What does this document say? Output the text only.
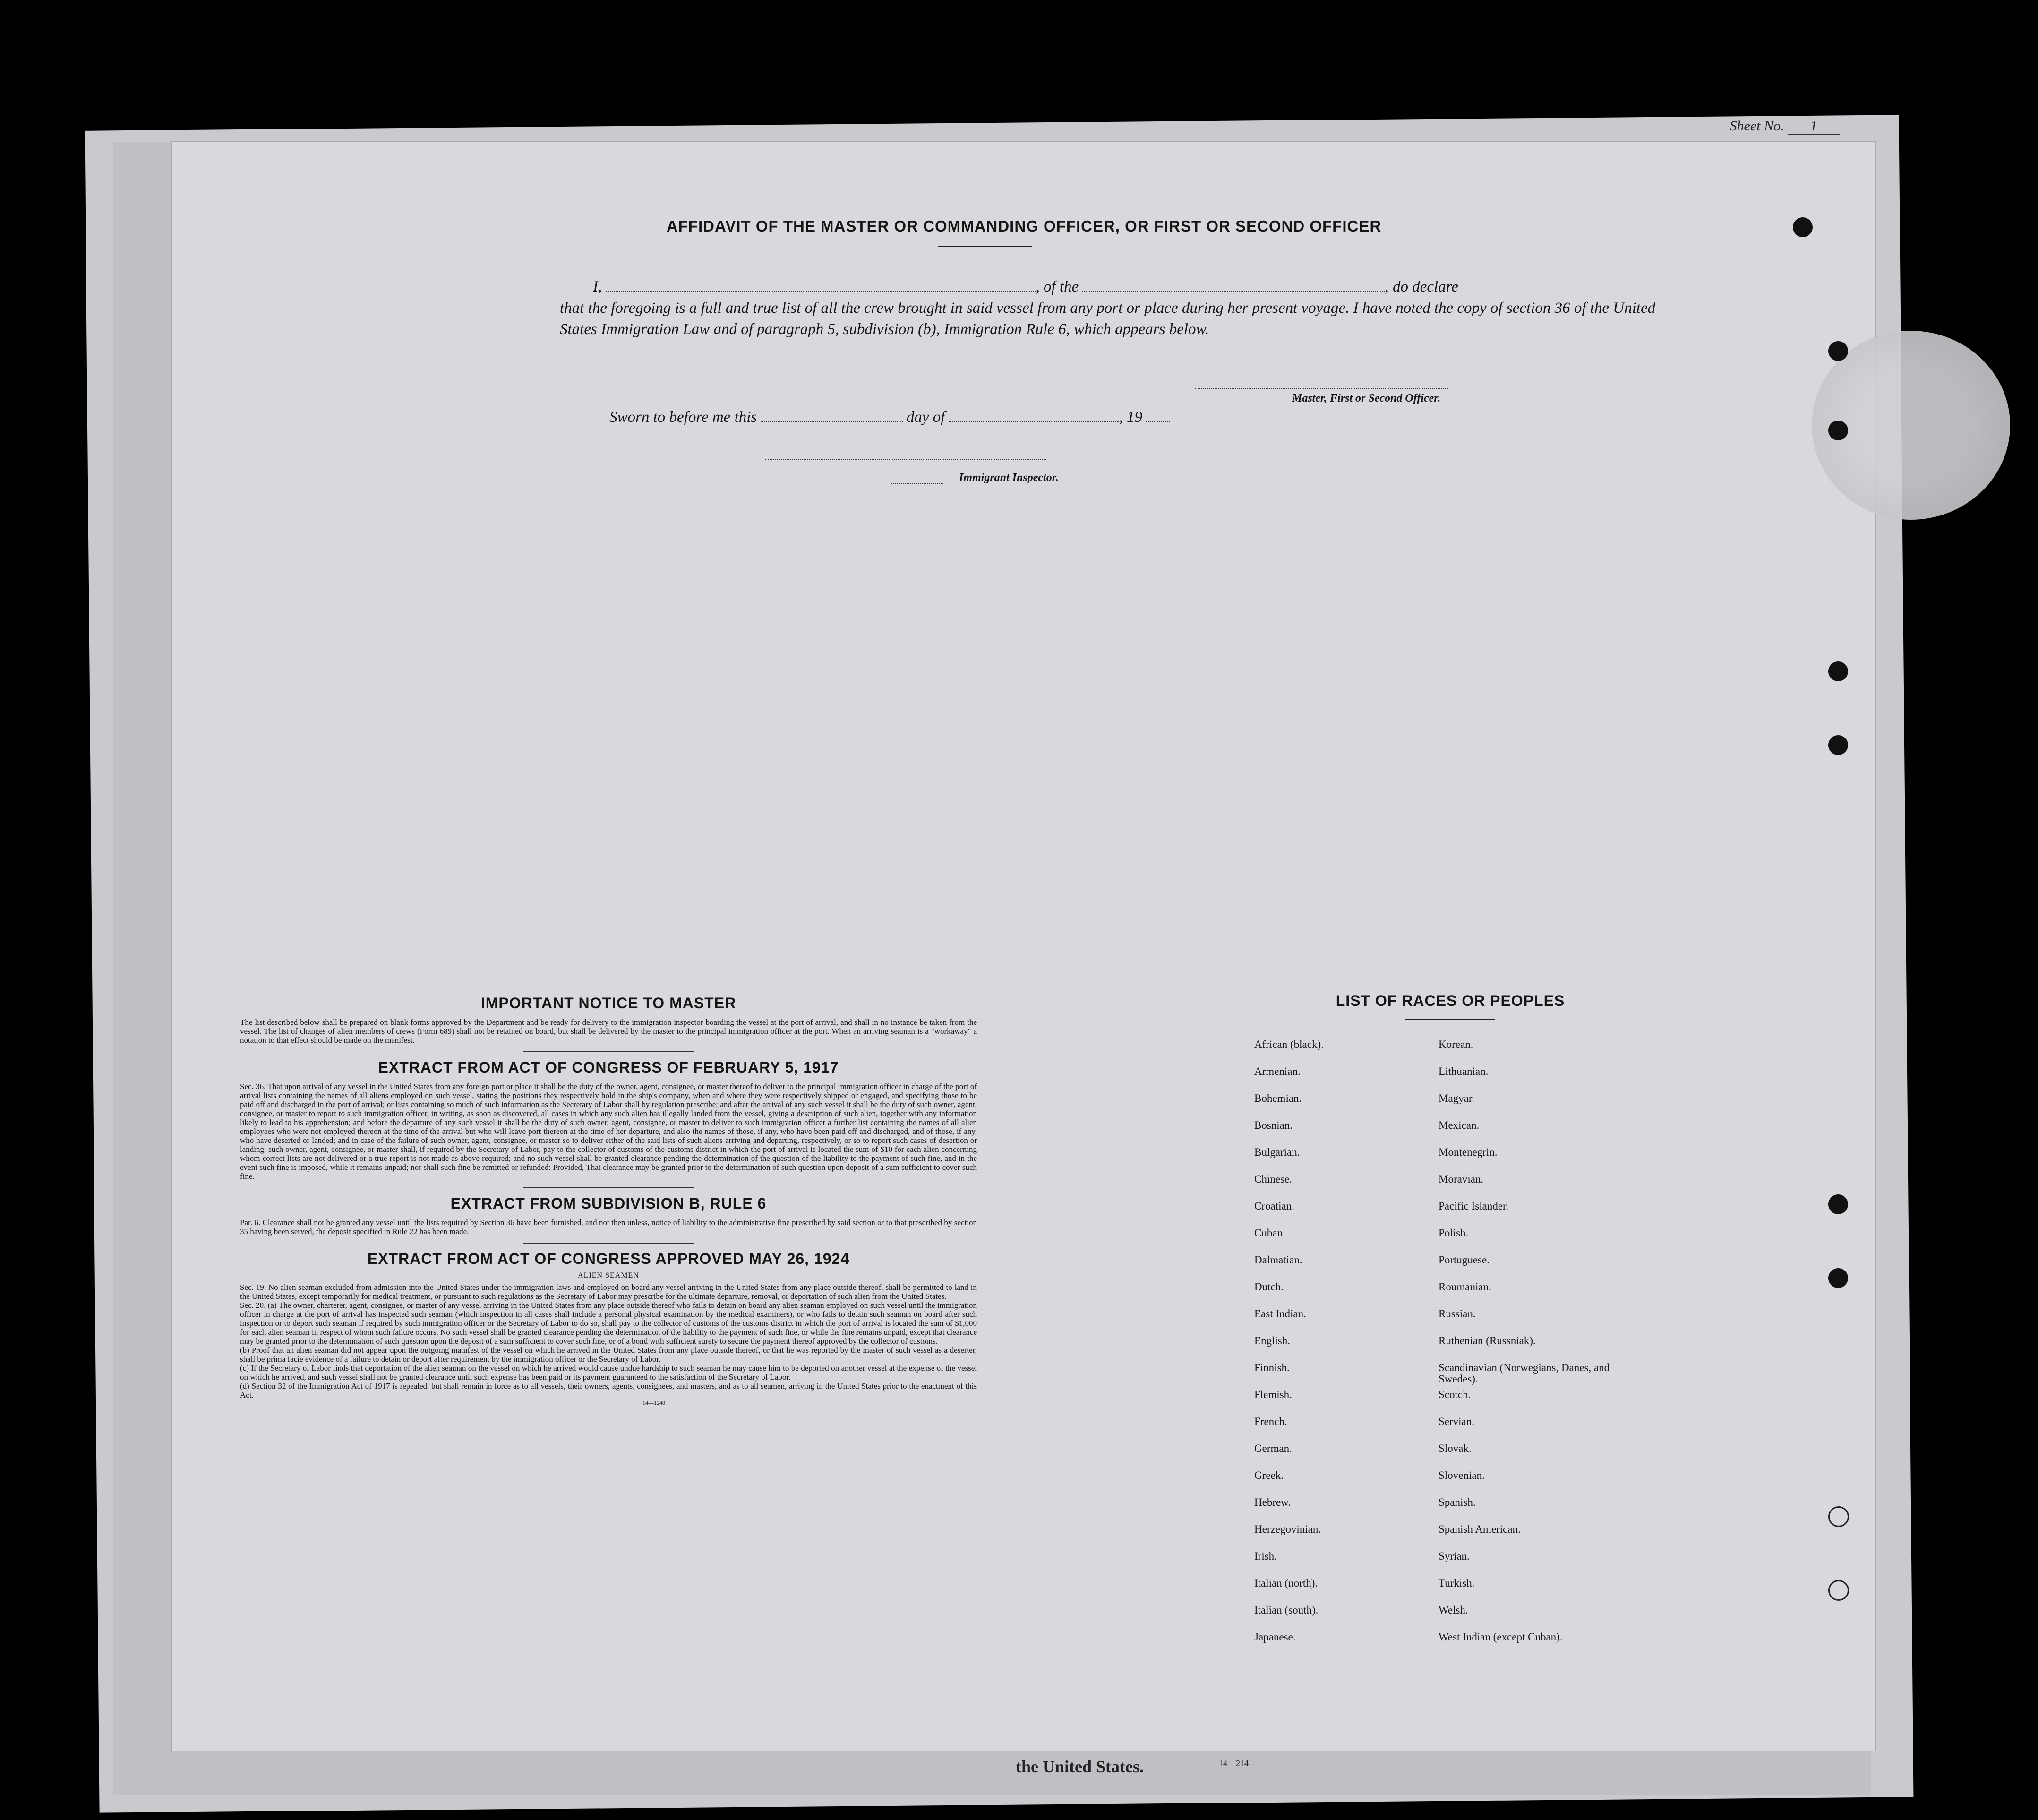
Sheet No. 1
the United States.	14—214
AFFIDAVIT OF THE MASTER OR COMMANDING OFFICER, OR FIRST OR SECOND OFFICER
I,	, of the	, do declare
that the foregoing is a full and true list of all the crew brought in said vessel from any port or place during her present voyage. I have noted the copy of section 36 of the United States Immigration Law and of paragraph 5, subdivision (b), Immigration Rule 6, which appears below.
Master, First or Second Officer.
Sworn to before me this	day of	, 19
Immigrant Inspector.
IMPORTANT NOTICE TO MASTER
The list described below shall be prepared on blank forms approved by the Department and be ready for delivery to the immigration inspector boarding the vessel at the port of arrival, and shall in no instance be taken from the vessel. The list of changes of alien members of crews (Form 689) shall not be retained on board, but shall be delivered by the master to the principal immigration officer at the port. When an arriving seaman is a "workaway" a notation to that effect should be made on the manifest.
EXTRACT FROM ACT OF CONGRESS OF FEBRUARY 5, 1917
Sec. 36. That upon arrival of any vessel in the United States from any foreign port or place it shall be the duty of the owner, agent, consignee, or master thereof to deliver to the principal immigration officer in charge of the port of arrival lists containing the names of all aliens employed on such vessel, stating the positions they respectively hold in the ship's company, when and where they were respectively shipped or engaged, and specifying those to be paid off and discharged in the port of arrival; or lists containing so much of such information as the Secretary of Labor shall by regulation prescribe; and after the arrival of any such vessel it shall be the duty of such owner, agent, consignee, or master to report to such immigration officer, in writing, as soon as discovered, all cases in which any such alien has illegally landed from the vessel, giving a description of such alien, together with any information likely to lead to his apprehension; and before the departure of any such vessel it shall be the duty of such owner, agent, consignee, or master to deliver to such immigration officer a further list containing the names of all alien employees who were not employed thereon at the time of the arrival but who will leave port thereon at the time of her departure, and also the names of those, if any, who have been paid off and discharged, and of those, if any, who have deserted or landed; and in case of the failure of such owner, agent, consignee, or master so to deliver either of the said lists of such aliens arriving and departing, respectively, or so to report such cases of desertion or landing, such owner, agent, consignee, or master shall, if required by the Secretary of Labor, pay to the collector of customs of the customs district in which the port of arrival is located the sum of $10 for each alien concerning whom correct lists are not delivered or a true report is not made as above required; and no such vessel shall be granted clearance pending the determination of the question of the liability to the payment of such fine, and in the event such fine is imposed, while it remains unpaid; nor shall such fine be remitted or refunded: Provided, That clearance may be granted prior to the determination of such question upon deposit of a sum sufficient to cover such fine.
EXTRACT FROM SUBDIVISION B, RULE 6
Par. 6. Clearance shall not be granted any vessel until the lists required by Section 36 have been furnished, and not then unless, notice of liability to the administrative fine prescribed by said section or to that prescribed by section 35 having been served, the deposit specified in Rule 22 has been made.
EXTRACT FROM ACT OF CONGRESS APPROVED MAY 26, 1924
ALIEN SEAMEN
Sec. 19. No alien seaman excluded from admission into the United States under the immigration laws and employed on board any vessel arriving in the United States from any place outside thereof, shall be permitted to land in the United States, except temporarily for medical treatment, or pursuant to such regulations as the Secretary of Labor may prescribe for the ultimate departure, removal, or deportation of such alien from the United States.
Sec. 20. (a) The owner, charterer, agent, consignee, or master of any vessel arriving in the United States from any place outside thereof who fails to detain on board any alien seaman employed on such vessel until the immigration officer in charge at the port of arrival has inspected such seaman (which inspection in all cases shall include a personal physical examination by the medical examiners), or who fails to detain such seaman on board after such inspection or to deport such seaman if required by such immigration officer or the Secretary of Labor to do so, shall pay to the collector of customs of the customs district in which the port of arrival is located the sum of $1,000 for each alien seaman in respect of whom such failure occurs. No such vessel shall be granted clearance pending the determination of the liability to the payment of such fine, or while the fine remains unpaid, except that clearance may be granted prior to the determination of such question upon the deposit of a sum sufficient to cover such fine, or of a bond with sufficient surety to secure the payment thereof approved by the collector of customs.
(b) Proof that an alien seaman did not appear upon the outgoing manifest of the vessel on which he arrived in the United States from any place outside thereof, or that he was reported by the master of such vessel as a deserter, shall be prima facie evidence of a failure to detain or deport after requirement by the immigration officer or the Secretary of Labor.
(c) If the Secretary of Labor finds that deportation of the alien seaman on the vessel on which he arrived would cause undue hardship to such seaman he may cause him to be deported on another vessel at the expense of the vessel on which he arrived, and such vessel shall not be granted clearance until such expense has been paid or its payment guaranteed to the satisfaction of the Secretary of Labor.
(d) Section 32 of the Immigration Act of 1917 is repealed, but shall remain in force as to all vessels, their owners, agents, consignees, and masters, and as to all seamen, arriving in the United States prior to the enactment of this Act.
14—1240
LIST OF RACES OR PEOPLES
African (black).	Korean.
Armenian.	Lithuanian.
Bohemian.	Magyar.
Bosnian.	Mexican.
Bulgarian.	Montenegrin.
Chinese.	Moravian.
Croatian.	Pacific Islander.
Cuban.	Polish.
Dalmatian.	Portuguese.
Dutch.	Roumanian.
East Indian.	Russian.
English.	Ruthenian (Russniak).
Finnish.	Scandinavian (Norwegians, Danes, and Swedes).
Flemish.	Scotch.
French.	Servian.
German.	Slovak.
Greek.	Slovenian.
Hebrew.	Spanish.
Herzegovinian.	Spanish American.
Irish.	Syrian.
Italian (north).	Turkish.
Italian (south).	Welsh.
Japanese.	West Indian (except Cuban).
